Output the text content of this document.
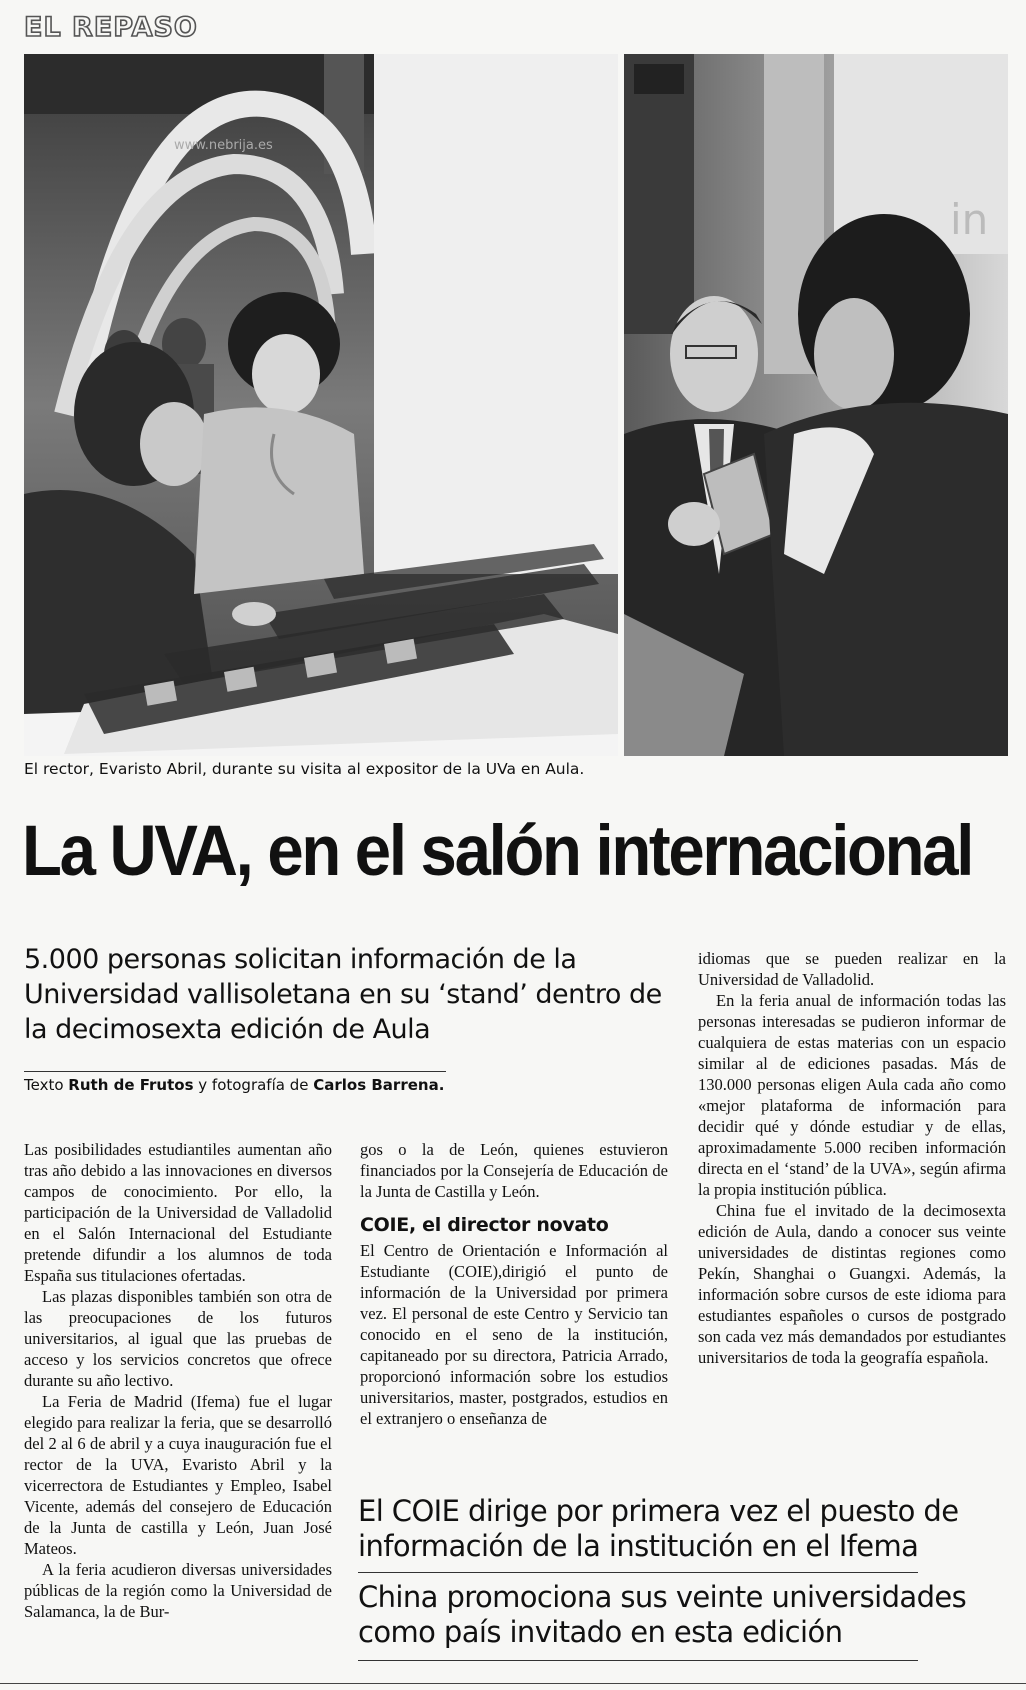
EL REPASO
www.nebrija.es
in
El rector, Evaristo Abril, durante su visita al expositor de la UVa en Aula.
La UVA, en el salón internacional
5.000 personas solicitan información de la Universidad vallisoletana en su ‘stand’ dentro de la decimosexta edición de Aula
Texto Ruth de Frutos y fotografía de Carlos Barrena.

Las posibilidades estudiantiles aumentan año tras año debido a las innovaciones en diversos campos de conocimiento. Por ello, la participación de la Universidad de Valladolid en el Salón Internacional del Estudiante pretende difundir a los alumnos de toda España sus titulaciones ofertadas.

Las plazas disponibles también son otra de las preocupaciones de los futuros universitarios, al igual que las pruebas de acceso y los servicios concretos que ofrece durante su año lectivo.

La Feria de Madrid (Ifema) fue el lugar elegido para realizar la feria, que se desarrolló del 2 al 6 de abril y a cuya inauguración fue el rector de la UVA, Evaristo Abril y la vicerrectora de Estudiantes y Empleo, Isabel Vicente, además del consejero de Educación de la Junta de castilla y León, Juan José Mateos.

A la feria acudieron diversas universidades públicas de la región como la Universidad de Salamanca, la de Bur-

gos o la de León, quienes estuvieron financiados por la Consejería de Educación de la Junta de Castilla y León.

COIE, el director novato

El Centro de Orientación e Información al Estudiante (COIE),dirigió el punto de información de la Universidad por primera vez. El personal de este Centro y Servicio tan conocido en el seno de la institución, capitaneado por su directora, Patricia Arrado, proporcionó información sobre los estudios universitarios, master, postgrados, estudios en el extranjero o enseñanza de

idiomas que se pueden realizar en la Universidad de Valladolid.

En la feria anual de información todas las personas interesadas se pudieron informar de cualquiera de estas materias con un espacio similar al de ediciones pasadas. Más de 130.000 personas eligen Aula cada año como «mejor plataforma de información para decidir qué y dónde estudiar y de ellas, aproximadamente 5.000 reciben información directa en el ‘stand’ de la UVA», según afirma la propia institución pública.

China fue el invitado de la decimosexta edición de Aula, dando a conocer sus veinte universidades de distintas regiones como Pekín, Shanghai o Guangxi. Además, la información sobre cursos de este idioma para estudiantes españoles o cursos de postgrado son cada vez más demandados por estudiantes universitarios de toda la geografía española.

El COIE dirige por primera vez el puesto de información de la institución en el Ifema
China promociona sus veinte universidades como país invitado en esta edición
